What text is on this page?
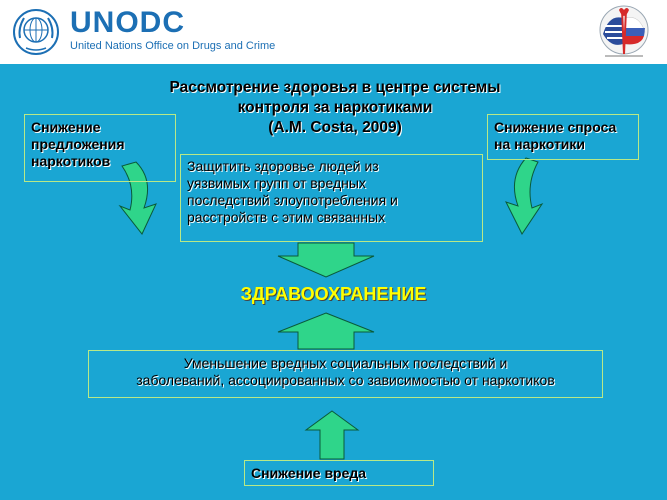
UNODC
United Nations Office on Drugs and Crime
Рассмотрение здоровья в центре системы
контроля за наркотиками
(A.M. Costa, 2009)
Снижение
предложения
наркотиков
Снижение спроса
на наркотики
Защитить здоровье людей из
уязвимых групп от вредных
последствий злоупотребления и
расстройств с этим связанных
ЗДРАВООХРАНЕНИЕ
Уменьшение вредных социальных последствий и
заболеваний, ассоциированных со зависимостью от наркотиков
Снижение вреда
